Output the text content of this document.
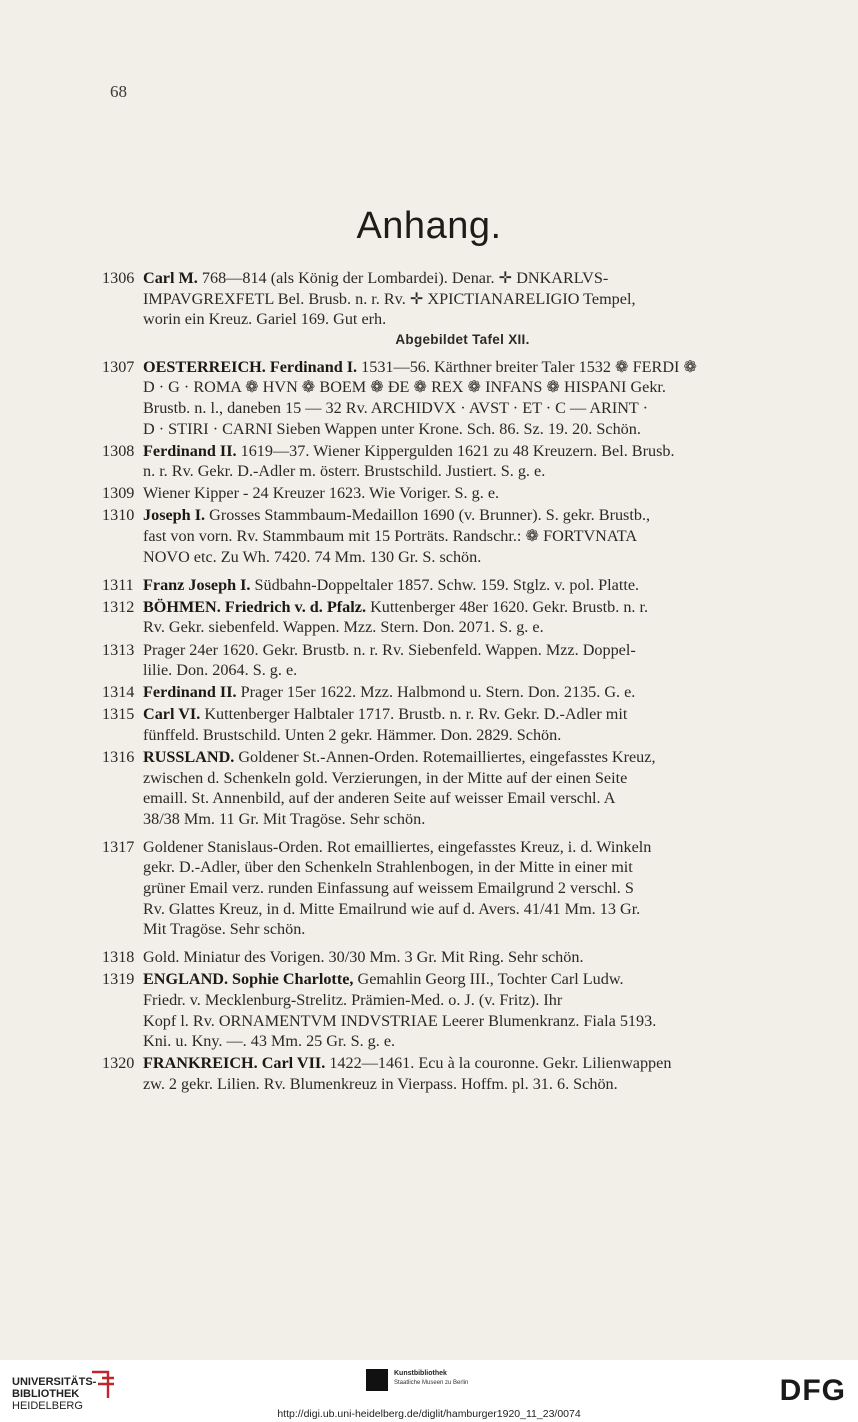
68
Anhang.
1306 Carl M. 768—814 (als König der Lombardei). Denar. ✛ DNKARLVS-
IMPAVGREXFETL Bel. Brusb. n. r. Rv. ✛ XPICTIANARELIGIO Tempel,
worin ein Kreuz. Gariel 169. Gut erh.
Abgebildet Tafel XII.
1307 OESTERREICH. Ferdinand I. 1531—56. Kärthner breiter Taler 1532 ❁ FERDI ❁
D · G · ROMA ❁ HVN ❁ BOEM ❁ ÐE ❁ REX ❁ INFANS ❁ HISPANI Gekr.
Brustb. n. l., daneben 15 — 32 Rv. ARCHIDVX · AVST · ET · C — ARINT ·
D · STIRI · CARNI Sieben Wappen unter Krone. Sch. 86. Sz. 19. 20. Schön.
1308 Ferdinand II. 1619—37. Wiener Kippergulden 1621 zu 48 Kreuzern. Bel. Brusb.
n. r. Rv. Gekr. D.-Adler m. österr. Brustschild. Justiert. S. g. e.
1309 Wiener Kipper - 24 Kreuzer 1623. Wie Voriger. S. g. e.
1310 Joseph I. Grosses Stammbaum-Medaillon 1690 (v. Brunner). S. gekr. Brustb.,
fast von vorn. Rv. Stammbaum mit 15 Porträts. Randschr.: ❁ FORTVNATA
NOVO etc. Zu Wh. 7420. 74 Mm. 130 Gr. S. schön.
1311 Franz Joseph I. Südbahn-Doppeltaler 1857. Schw. 159. Stglz. v. pol. Platte.
1312 BÖHMEN. Friedrich v. d. Pfalz. Kuttenberger 48er 1620. Gekr. Brustb. n. r.
Rv. Gekr. siebenfeld. Wappen. Mzz. Stern. Don. 2071. S. g. e.
1313 Prager 24er 1620. Gekr. Brustb. n. r. Rv. Siebenfeld. Wappen. Mzz. Doppel-
lilie. Don. 2064. S. g. e.
1314 Ferdinand II. Prager 15er 1622. Mzz. Halbmond u. Stern. Don. 2135. G. e.
1315 Carl VI. Kuttenberger Halbtaler 1717. Brustb. n. r. Rv. Gekr. D.-Adler mit
fünffeld. Brustschild. Unten 2 gekr. Hämmer. Don. 2829. Schön.
1316 RUSSLAND. Goldener St.-Annen-Orden. Rotemailliertes, eingefasstes Kreuz,
zwischen d. Schenkeln gold. Verzierungen, in der Mitte auf der einen Seite
emaill. St. Annenbild, auf der anderen Seite auf weisser Email verschl. A
38/38 Mm. 11 Gr. Mit Tragöse. Sehr schön.
1317 Goldener Stanislaus-Orden. Rot emailliertes, eingefasstes Kreuz, i. d. Winkeln
gekr. D.-Adler, über den Schenkeln Strahlenbogen, in der Mitte in einer mit
grüner Email verz. runden Einfassung auf weissem Emailgrund 2 verschl. S
Rv. Glattes Kreuz, in d. Mitte Emailrund wie auf d. Avers. 41/41 Mm. 13 Gr.
Mit Tragöse. Sehr schön.
1318 Gold. Miniatur des Vorigen. 30/30 Mm. 3 Gr. Mit Ring. Sehr schön.
1319 ENGLAND. Sophie Charlotte, Gemahlin Georg III., Tochter Carl Ludw.
Friedr. v. Mecklenburg-Strelitz. Prämien-Med. o. J. (v. Fritz). Ihr
Kopf l. Rv. ORNAMENTVM INDVSTRIAE Leerer Blumenkranz. Fiala 5193.
Kni. u. Kny. —. 43 Mm. 25 Gr. S. g. e.
1320 FRANKREICH. Carl VII. 1422—1461. Ecu à la couronne. Gekr. Lilienwappen
zw. 2 gekr. Lilien. Rv. Blumenkreuz in Vierpass. Hoffm. pl. 31. 6. Schön.
UNIVERSITÄTS-
BIBLIOTHEK
HEIDELBERG
Kunstbibliothek
Staatliche Museen zu Berlin	DFG
http://digi.ub.uni-heidelberg.de/diglit/hamburger1920_11_23/0074
